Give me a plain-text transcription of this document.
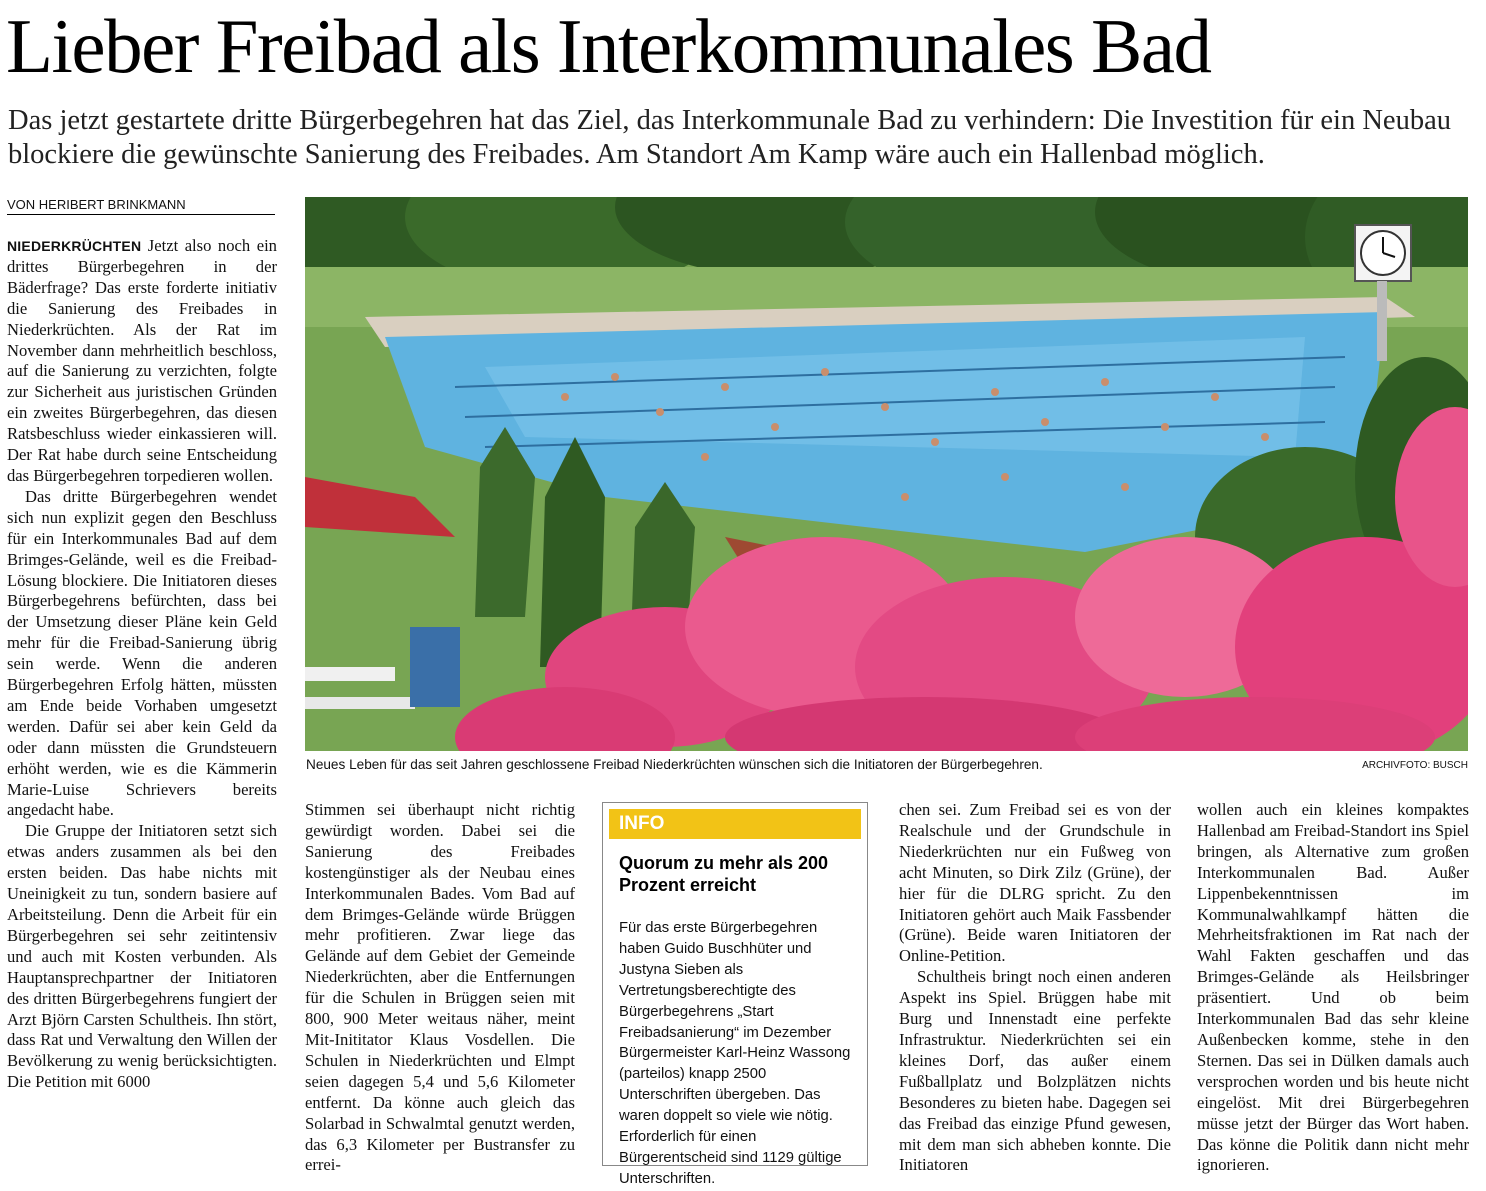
Lieber Freibad als Interkommunales Bad

Das jetzt gestartete dritte Bürgerbegehren hat das Ziel, das Interkommunale Bad zu verhindern: Die Investition für ein Neubau blockiere die gewünschte Sanierung des Freibades. Am Standort Am Kamp wäre auch ein Hallenbad möglich.

VON HERIBERT BRINKMANN

NIEDERKRÜCHTEN Jetzt also noch ein drittes Bürgerbegehren in der Bäderfrage? Das erste forderte initiativ die Sanierung des Freibades in Niederkrüchten. Als der Rat im November dann mehrheitlich beschloss, auf die Sanierung zu verzichten, folgte zur Sicherheit aus juristischen Gründen ein zweites Bürgerbegehren, das diesen Ratsbeschluss wieder einkassieren will. Der Rat habe durch seine Entscheidung das Bürgerbegehren torpedieren wollen.

Das dritte Bürgerbegehren wendet sich nun explizit gegen den Beschluss für ein Interkommunales Bad auf dem Brimges-Gelände, weil es die Freibad-Lösung blockiere. Die Initiatoren dieses Bürgerbegehrens befürchten, dass bei der Umsetzung dieser Pläne kein Geld mehr für die Freibad-Sanierung übrig sein werde. Wenn die anderen Bürgerbegehren Erfolg hätten, müssten am Ende beide Vorhaben umgesetzt werden. Dafür sei aber kein Geld da oder dann müssten die Grundsteuern erhöht werden, wie es die Kämmerin Marie-Luise Schrievers bereits angedacht habe.

Die Gruppe der Initiatoren setzt sich etwas anders zusammen als bei den ersten beiden. Das habe nichts mit Uneinigkeit zu tun, sondern basiere auf Arbeitsteilung. Denn die Arbeit für ein Bürgerbegehren sei sehr zeitintensiv und auch mit Kosten verbunden. Als Hauptansprechpartner der Initiatoren des dritten Bürgerbegehrens fungiert der Arzt Björn Carsten Schultheis. Ihn stört, dass Rat und Verwaltung den Willen der Bevölkerung zu wenig berücksichtigten. Die Petition mit 6000

Neues Leben für das seit Jahren geschlossene Freibad Niederkrüchten wünschen sich die Initiatoren der Bürgerbegehren.	ARCHIVFOTO: BUSCH

Stimmen sei überhaupt nicht richtig gewürdigt worden. Dabei sei die Sanierung des Freibades kostengünstiger als der Neubau eines Interkommunalen Bades. Vom Bad auf dem Brimges-Gelände würde Brüggen mehr profitieren. Zwar liege das Gelände auf dem Gebiet der Gemeinde Niederkrüchten, aber die Entfernungen für die Schulen in Brüggen seien mit 800, 900 Meter weitaus näher, meint Mit-Inititator Klaus Vosdellen. Die Schulen in Niederkrüchten und Elmpt seien dagegen 5,4 und 5,6 Kilometer entfernt. Da könne auch gleich das Solarbad in Schwalmtal genutzt werden, das 6,3 Kilometer per Bustransfer zu errei-

INFO
Quorum zu mehr als 200 Prozent erreicht
Für das erste Bürgerbegehren haben Guido Buschhüter und Justyna Sieben als Vertretungsberechtigte des Bürgerbegehrens „Start Freibadsanierung“ im Dezember Bürgermeister Karl-Heinz Wassong (parteilos) knapp 2500 Unterschriften übergeben. Das waren doppelt so viele wie nötig. Erforderlich für einen Bürgerentscheid sind 1129 gültige Unterschriften.

chen sei. Zum Freibad sei es von der Realschule und der Grundschule in Niederkrüchten nur ein Fußweg von acht Minuten, so Dirk Zilz (Grüne), der hier für die DLRG spricht. Zu den Initiatoren gehört auch Maik Fassbender (Grüne). Beide waren Initiatoren der Online-Petition.

Schultheis bringt noch einen anderen Aspekt ins Spiel. Brüggen habe mit Burg und Innenstadt eine perfekte Infrastruktur. Niederkrüchten sei ein kleines Dorf, das außer einem Fußballplatz und Bolzplätzen nichts Besonderes zu bieten habe. Dagegen sei das Freibad das einzige Pfund gewesen, mit dem man sich abheben konnte. Die Initiatoren

wollen auch ein kleines kompaktes Hallenbad am Freibad-Standort ins Spiel bringen, als Alternative zum großen Interkommunalen Bad. Außer Lippenbekenntnissen im Kommunalwahlkampf hätten die Mehrheitsfraktionen im Rat nach der Wahl Fakten geschaffen und das Brimges-Gelände als Heilsbringer präsentiert. Und ob beim Interkommunalen Bad das sehr kleine Außenbecken komme, stehe in den Sternen. Das sei in Dülken damals auch versprochen worden und bis heute nicht eingelöst. Mit drei Bürgerbegehren müsse jetzt der Bürger das Wort haben. Das könne die Politik dann nicht mehr ignorieren.
